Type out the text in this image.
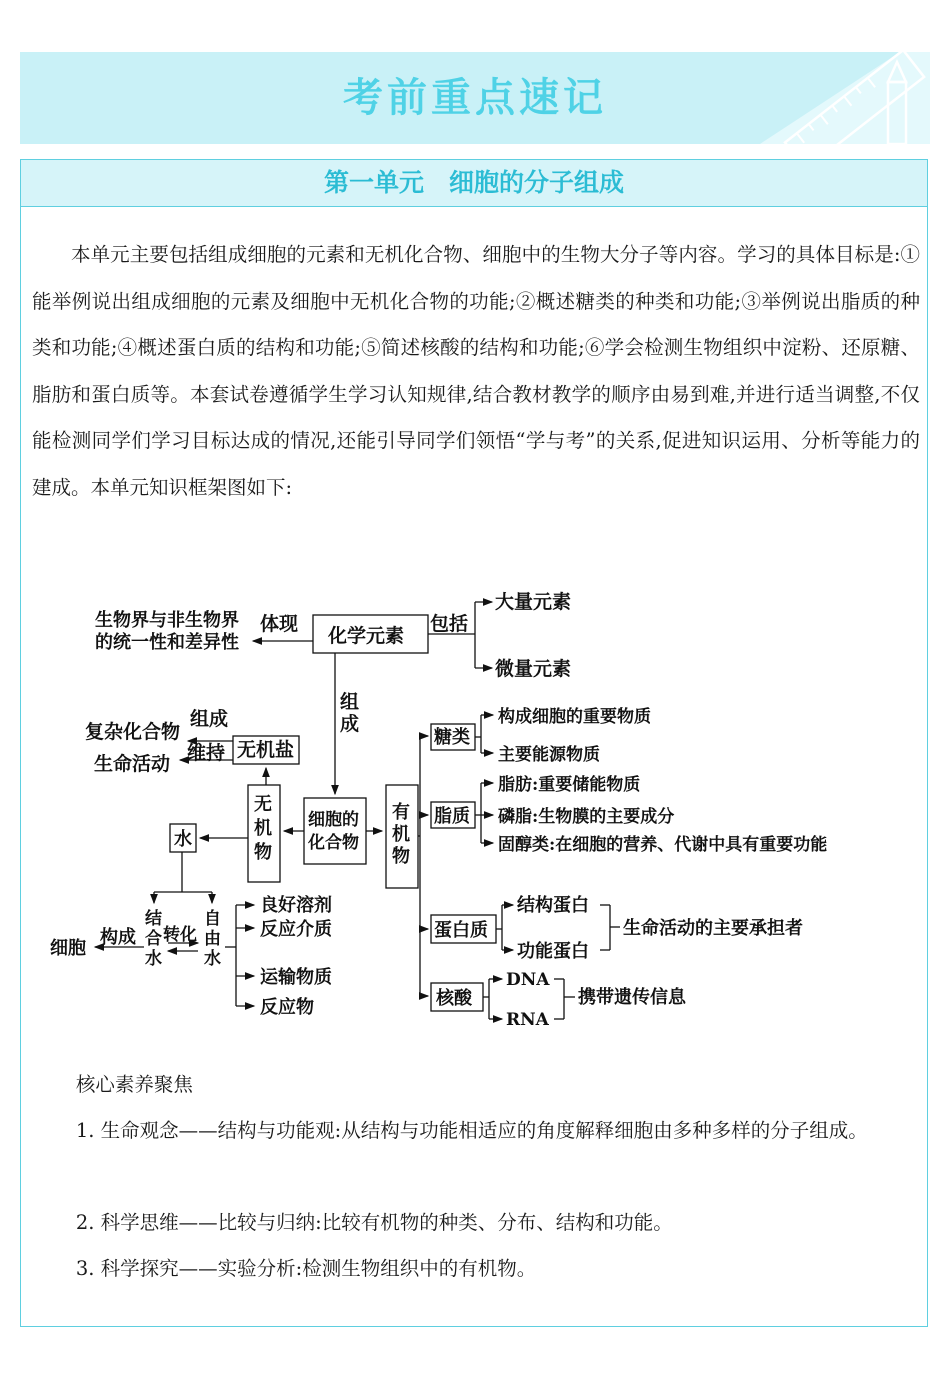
考前重点速记
第一单元　细胞的分子组成

本单元主要包括组成细胞的元素和无机化合物、细胞中的生物大分子等内容。学习的具体目标是:①能举例说出组成细胞的元素及细胞中无机化合物的功能;②概述糖类的种类和功能;③举例说出脂质的种类和功能;④概述蛋白质的结构和功能;⑤简述核酸的结构和功能;⑥学会检测生物组织中淀粉、还原糖、脂肪和蛋白质等。本套试卷遵循学生学习认知规律,结合教材教学的顺序由易到难,并进行适当调整,不仅能检测同学们学习目标达成的情况,还能引导同学们领悟“学与考”的关系,促进知识运用、分析等能力的建成。本单元知识框架图如下:

生物界与非生物界
的统一性和差异性
体现
化学元素
包括
大量元素
微量元素
组
成
复杂化合物
组成
维持
生命活动
无机盐
无
机
物
细胞的
化合物
有
机
物
水
细胞
构成
结
合
水
转化
自
由
水
良好溶剂
反应介质
运输物质
反应物
糖类
构成细胞的重要物质
主要能源物质
脂质
脂肪:重要储能物质
磷脂:生物膜的主要成分
固醇类:在细胞的营养、代谢中具有重要功能
蛋白质
结构蛋白
功能蛋白
生命活动的主要承担者
核酸
DNA
RNA
携带遗传信息

核心素养聚焦

1. 生命观念——结构与功能观:从结构与功能相适应的角度解释细胞由多种多样的分子组成。

2. 科学思维——比较与归纳:比较有机物的种类、分布、结构和功能。

3. 科学探究——实验分析:检测生物组织中的有机物。
